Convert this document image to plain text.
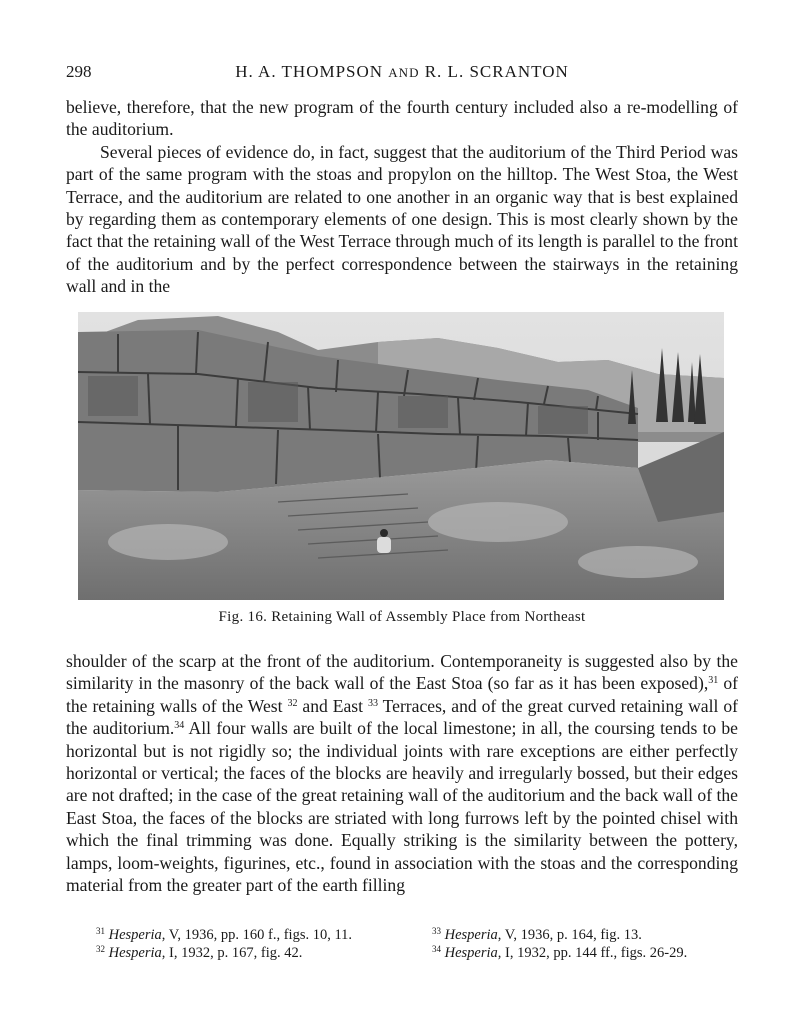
298	H. A. THOMPSON AND R. L. SCRANTON

believe, therefore, that the new program of the fourth century included also a re-modelling of the auditorium.

Several pieces of evidence do, in fact, suggest that the auditorium of the Third Period was part of the same program with the stoas and propylon on the hilltop. The West Stoa, the West Terrace, and the auditorium are related to one another in an organic way that is best explained by regarding them as contemporary elements of one design. This is most clearly shown by the fact that the retaining wall of the West Terrace through much of its length is parallel to the front of the auditorium and by the perfect correspondence between the stairways in the retaining wall and in the

Fig. 16. Retaining Wall of Assembly Place from Northeast

shoulder of the scarp at the front of the auditorium. Contemporaneity is suggested also by the similarity in the masonry of the back wall of the East Stoa (so far as it has been exposed),$^{31}$ of the retaining walls of the West $^{32}$ and East $^{33}$ Terraces, and of the great curved retaining wall of the auditorium.$^{34}$ All four walls are built of the local limestone; in all, the coursing tends to be horizontal but is not rigidly so; the individual joints with rare exceptions are either perfectly horizontal or vertical; the faces of the blocks are heavily and irregularly bossed, but their edges are not drafted; in the case of the great retaining wall of the auditorium and the back wall of the East Stoa, the faces of the blocks are striated with long furrows left by the pointed chisel with which the final trimming was done. Equally striking is the similarity between the pottery, lamps, loom-weights, figurines, etc., found in association with the stoas and the corresponding material from the greater part of the earth filling

$^{31}$ Hesperia, V, 1936, pp. 160 f., figs. 10, 11.	$^{33}$ Hesperia, V, 1936, p. 164, fig. 13.
$^{32}$ Hesperia, I, 1932, p. 167, fig. 42.	$^{34}$ Hesperia, I, 1932, pp. 144 ff., figs. 26-29.
